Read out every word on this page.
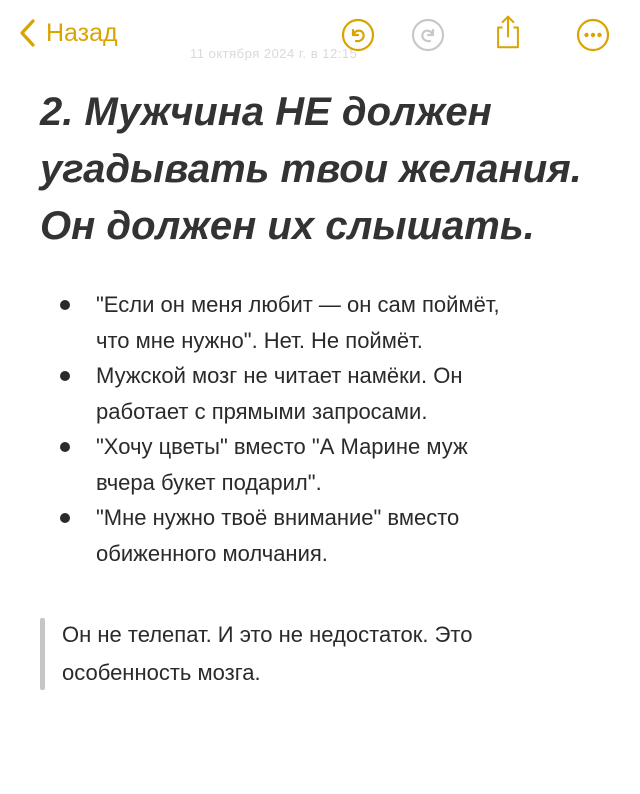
Назад
11 октября 2024 г. в 12:15
2. Мужчина НЕ должен
угадывать твои желания.
Он должен их слышать.
"Если он меня любит — он сам поймёт,
что мне нужно". Нет. Не поймёт.
Мужской мозг не читает намёки. Он
работает с прямыми запросами.
"Хочу цветы" вместо "А Марине муж
вчера букет подарил".
"Мне нужно твоё внимание" вместо
обиженного молчания.
Он не телепат. И это не недостаток. Это
особенность мозга.
